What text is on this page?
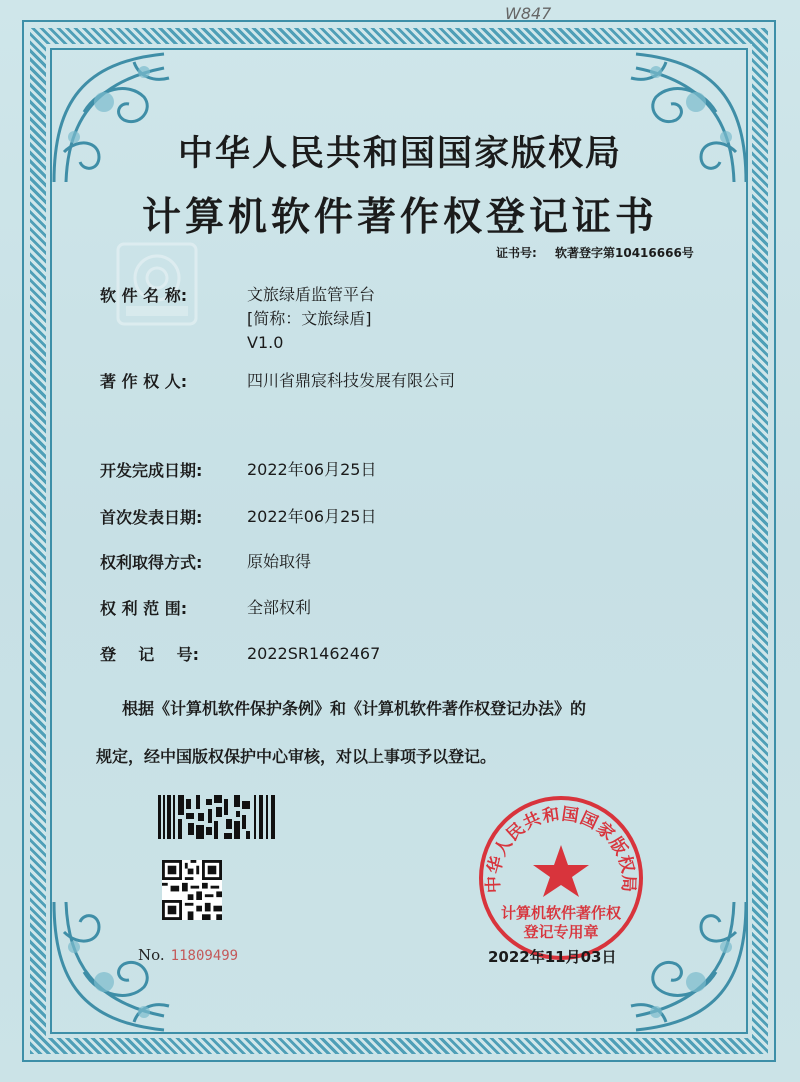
W847
中华人民共和国国家版权局
计算机软件著作权登记证书
证书号: 软著登字第10416666号
软 件 名 称:	文旅绿盾监管平台
[简称：文旅绿盾]
V1.0
著 作 权 人:	四川省鼎宸科技发展有限公司
开发完成日期:	2022年06月25日
首次发表日期:	2022年06月25日
权利取得方式:	原始取得
权 利 范 围:	全部权利
登    记    号:	2022SR1462467
根据《计算机软件保护条例》和《计算机软件著作权登记办法》的
规定，经中国版权保护中心审核，对以上事项予以登记。
No. 11809499
中华人民共和国国家版权局
计算机软件著作权
登记专用章
2022年11月03日
